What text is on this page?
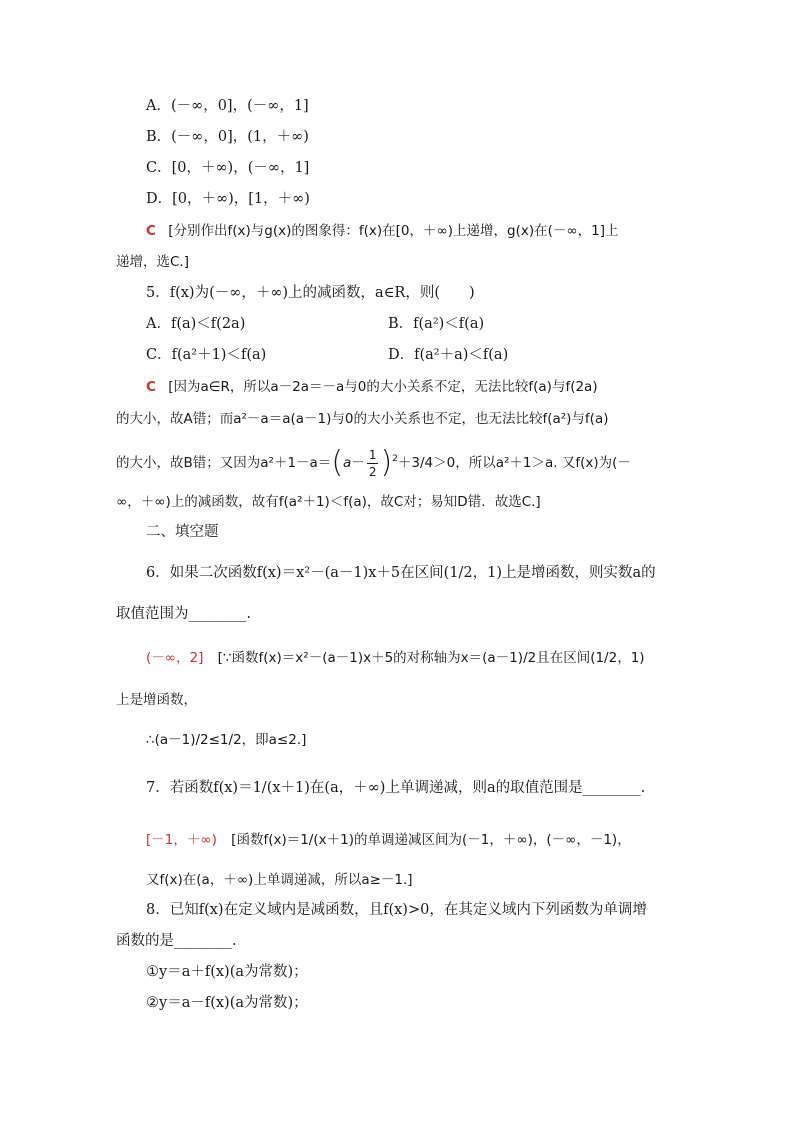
A．(－∞，0]，(－∞，1]
B．(－∞，0]，(1，＋∞)
C．[0，＋∞)，(－∞，1]
D．[0，＋∞)，[1，＋∞)
C [分别作出f(x)与g(x)的图象得：f(x)在[0，＋∞)上递增，g(x)在(－∞，1]上
递增，选C.]
5．f(x)为(－∞，＋∞)上的减函数，a∈R，则(　　)
A．f(a)＜f(2a)	B．f(a²)＜f(a)
C．f(a²＋1)＜f(a)	D．f(a²＋a)＜f(a)
C [因为a∈R，所以a－2a＝－a与0的大小关系不定，无法比较f(a)与f(2a)
的大小，故A错；而a²－a＝a(a－1)与0的大小关系也不定，也无法比较f(a²)与f(a)
的大小，故B错；又因为$a^2+1-a=(a- \frac{1}{2} )^2+3/4>0$，所以a²＋1＞a. 又f(x)为(－
∞，＋∞)上的减函数，故有f(a²＋1)＜f(a)，故C对；易知D错．故选C.]
二、填空题
6．如果二次函数f(x)＝x²－(a－1)x＋5在区间(1/2，1)上是增函数，则实数a的
取值范围为________.
(－∞，2] [∵函数f(x)＝x²－(a－1)x＋5的对称轴为x＝(a－1)/2且在区间(1/2，1)
上是增函数，
∴(a－1)/2≤1/2，即a≤2.]
7．若函数f(x)＝1/(x＋1)在(a，＋∞)上单调递减，则a的取值范围是________.
[－1，＋∞) [函数f(x)＝1/(x＋1)的单调递减区间为(－1，＋∞)，(－∞，－1)，
又f(x)在(a，＋∞)上单调递减，所以a≥－1.]
8．已知f(x)在定义域内是减函数，且f(x)>0，在其定义域内下列函数为单调增
函数的是________.
①y＝a＋f(x)(a为常数)；
②y＝a－f(x)(a为常数)；
